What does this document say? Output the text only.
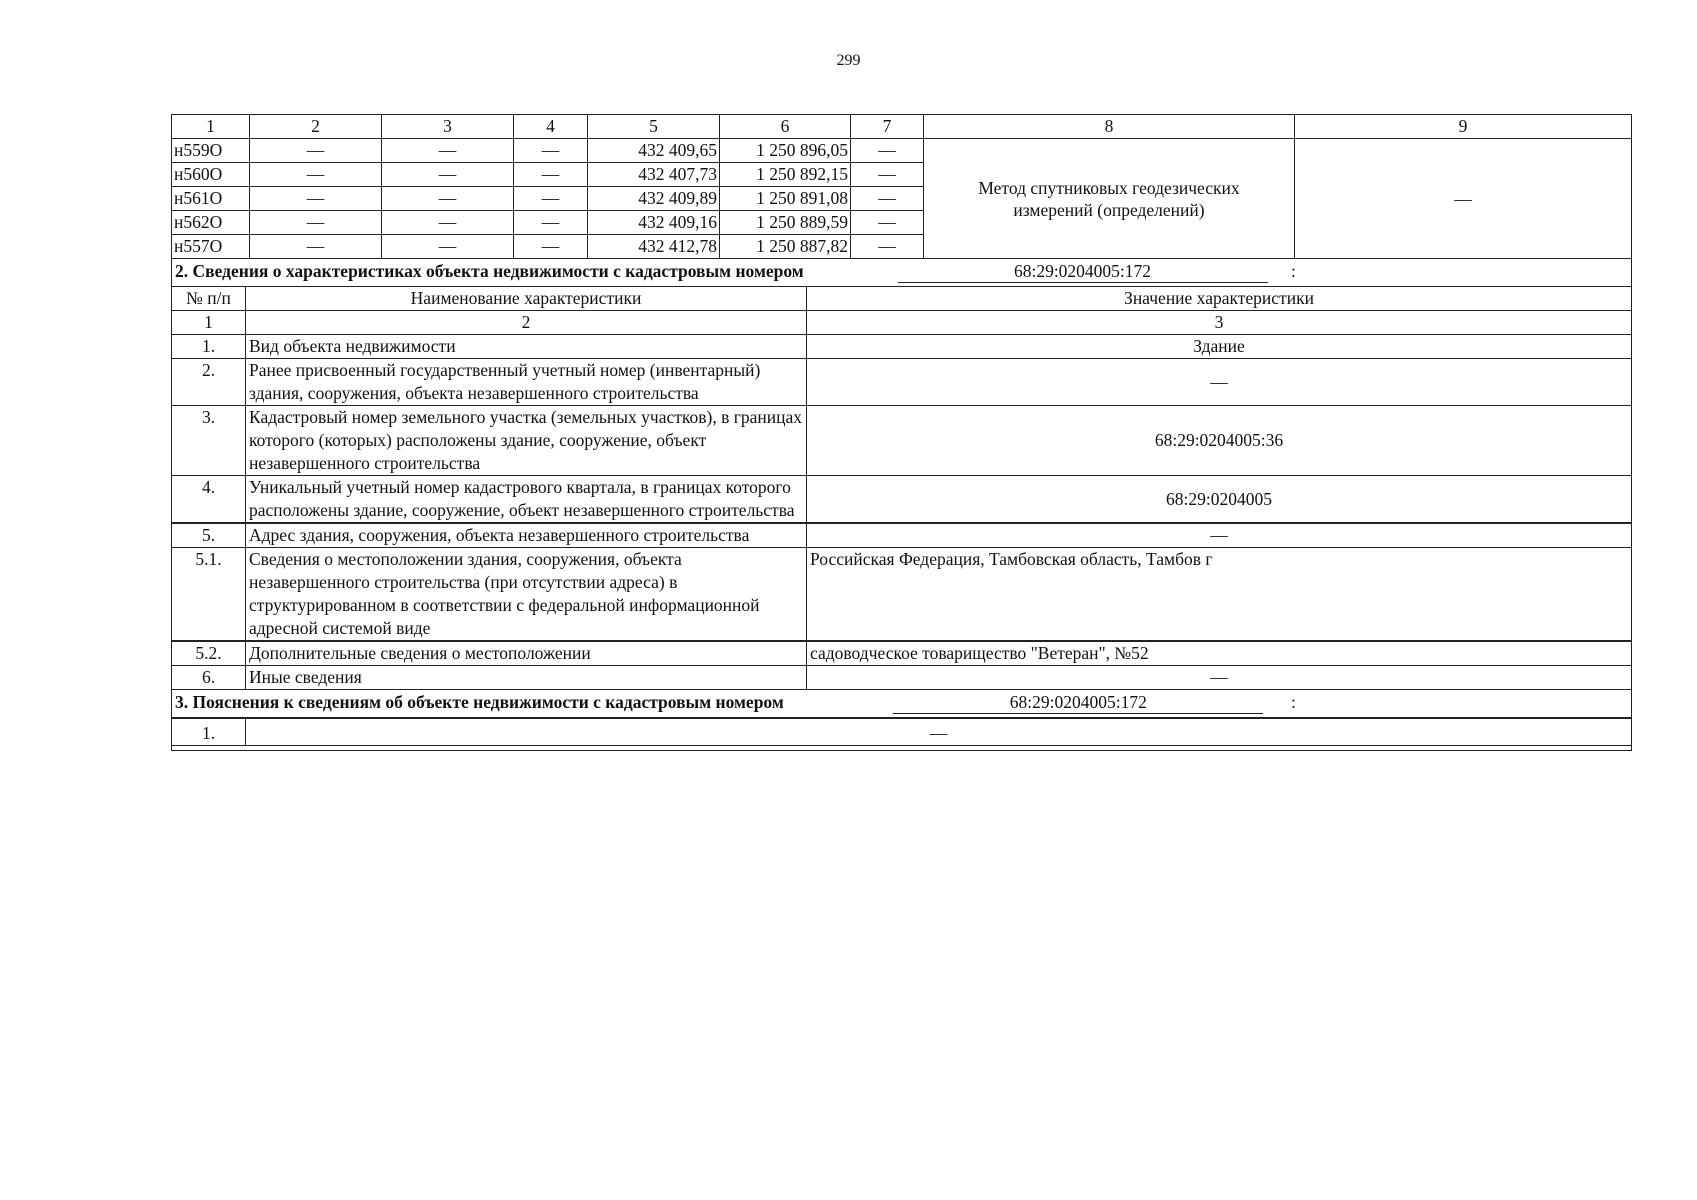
299
1	2	3	4	5	6	7	8	9
н559О	—	—	—	432 409,65	1 250 896,05	—	Метод спутниковых геодезических измерений (определений)	—
н560О	—	—	—	432 407,73	1 250 892,15	—		
н561О	—	—	—	432 409,89	1 250 891,08	—		
н562О	—	—	—	432 409,16	1 250 889,59	—		
н557О	—	—	—	432 412,78	1 250 887,82	—		
2. Сведения о характеристиках объекта недвижимости с кадастровым номером	68:29:0204005:172	:

№ п/п	Наименование характеристики	Значение характеристики
1	2	3
1.	Вид объекта недвижимости	Здание
2.	Ранее присвоенный государственный учетный номер (инвентарный) здания, сооружения, объекта незавершенного строительства	—
3.	Кадастровый номер земельного участка (земельных участков), в границах которого (которых) расположены здание, сооружение, объект незавершенного строительства	68:29:0204005:36
4.	Уникальный учетный номер кадастрового квартала, в границах которого расположены здание, сооружение, объект незавершенного строительства	68:29:0204005
5.	Адрес здания, сооружения, объекта незавершенного строительства	—
5.1.	Сведения о местоположении здания, сооружения, объекта незавершенного строительства (при отсутствии адреса) в структурированном в соответствии с федеральной информационной адресной системой виде	Российская Федерация, Тамбовская область, Тамбов г
5.2.	Дополнительные сведения о местоположении	садоводческое товарищество "Ветеран", №52
6.	Иные сведения	—
3. Пояснения к сведениям об объекте недвижимости с кадастровым номером	68:29:0204005:172	:

1.	—
